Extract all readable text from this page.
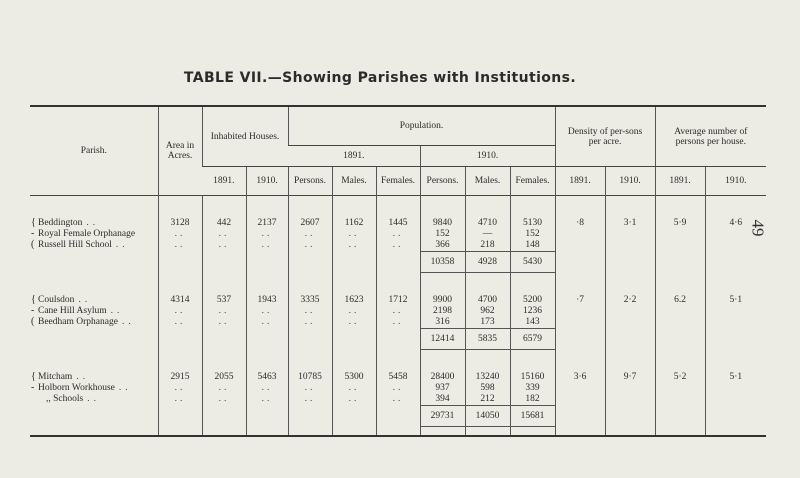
49
TABLE VII.—Showing Parishes with Institutions.
Parish.	Area in Acres.	Inhabited Houses.		Population.						Density of per-sons per acre.		Average number of persons per house.	
				1891.			1910.						
		1891.	1910.	Persons.	Males.	Females.	Persons.	Males.	Females.	1891.	1910.	1891.	1910.

{ Beddington ..	3128	442	2137	2607	1162	1445	9840	4710	5130	·8	3·1	5·9	4·6

- Royal Female Orphanage	..	..	..	..	..	..	152	—	152				

( Russell Hill School ..	..	..	..	..	..	..	366	218	148				
							10358	4928	5430				

{ Coulsdon ..	4314	537	1943	3335	1623	1712	9900	4700	5200	·7	2·2	6.2	5·1

- Cane Hill Asylum ..	..	..	..	..	..	..	2198	962	1236				

( Beedham Orphanage ..	..	..	..	..	..	..	316	173	143				
							12414	5835	6579				

{ Mitcham ..	2915	2055	5463	10785	5300	5458	28400	13240	15160	3·6	9·7	5·2	5·1

- Holborn Workhouse ..	..	..	..	..	..	..	937	598	339				
,, Schools ..	..	..	..	..	..	..	394	212	182				
							29731	14050	15681				
